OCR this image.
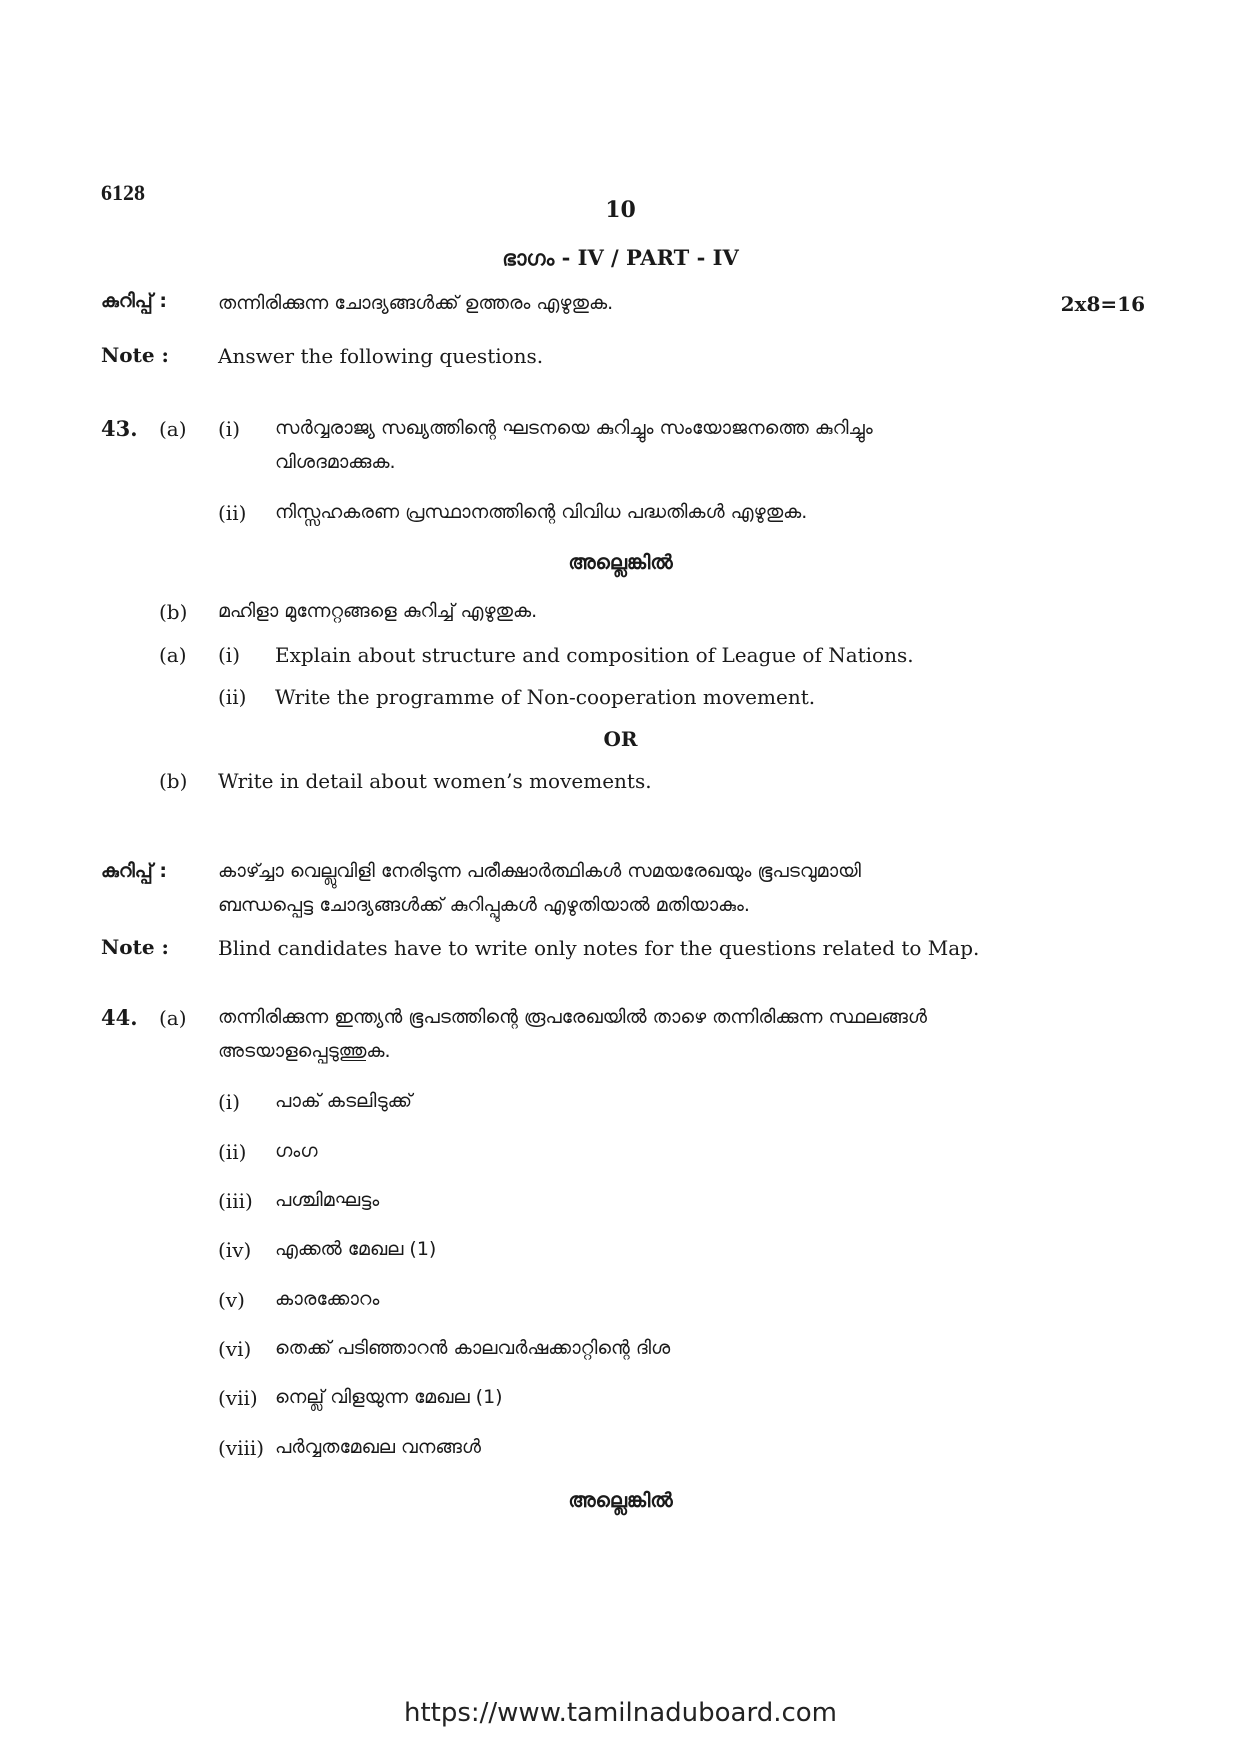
6128
10
ഭാഗം - IV / PART - IV
കുറിപ്പ് :	തന്നിരിക്കുന്ന ചോദ്യങ്ങൾക്ക് ഉത്തരം എഴുതുക.	2x8=16
Note : Answer the following questions.
43. (a) (i) സർവ്വരാജ്യ സഖ്യത്തിന്റെ ഘടനയെ കുറിച്ചും സംയോജനത്തെ കുറിച്ചും
വിശദമാക്കുക.
(ii) നിസ്സഹകരണ പ്രസ്ഥാനത്തിന്റെ വിവിധ പദ്ധതികൾ എഴുതുക.
അല്ലെങ്കിൽ
(b) മഹിളാ മുന്നേറ്റങ്ങളെ കുറിച്ച് എഴുതുക.
(a) (i) Explain about structure and composition of League of Nations.
(ii) Write the programme of Non-cooperation movement.
OR
(b) Write in detail about women’s movements.
കുറിപ്പ് :	കാഴ്ച്ചാ വെല്ലുവിളി നേരിടുന്ന പരീക്ഷാർത്ഥികൾ സമയരേഖയും ഭൂപടവുമായി
ബന്ധപ്പെട്ട ചോദ്യങ്ങൾക്ക് കുറിപ്പുകൾ എഴുതിയാൽ മതിയാകും.
Note : Blind candidates have to write only notes for the questions related to Map.
44. (a) തന്നിരിക്കുന്ന ഇന്ത്യൻ ഭൂപടത്തിന്റെ രൂപരേഖയിൽ താഴെ തന്നിരിക്കുന്ന സ്ഥലങ്ങൾ
അടയാളപ്പെടുത്തുക.
(i) പാക് കടലിടുക്ക്
(ii) ഗംഗ
(iii) പശ്ചിമഘട്ടം
(iv) എക്കൽ മേഖല (1)
(v) കാരക്കോറം
(vi) തെക്ക് പടിഞ്ഞാറൻ കാലവർഷക്കാറ്റിന്റെ ദിശ
(vii) നെല്ല് വിളയുന്ന മേഖല (1)
(viii) പർവ്വതമേഖല വനങ്ങൾ
അല്ലെങ്കിൽ
https://www.tamilnaduboard.com
